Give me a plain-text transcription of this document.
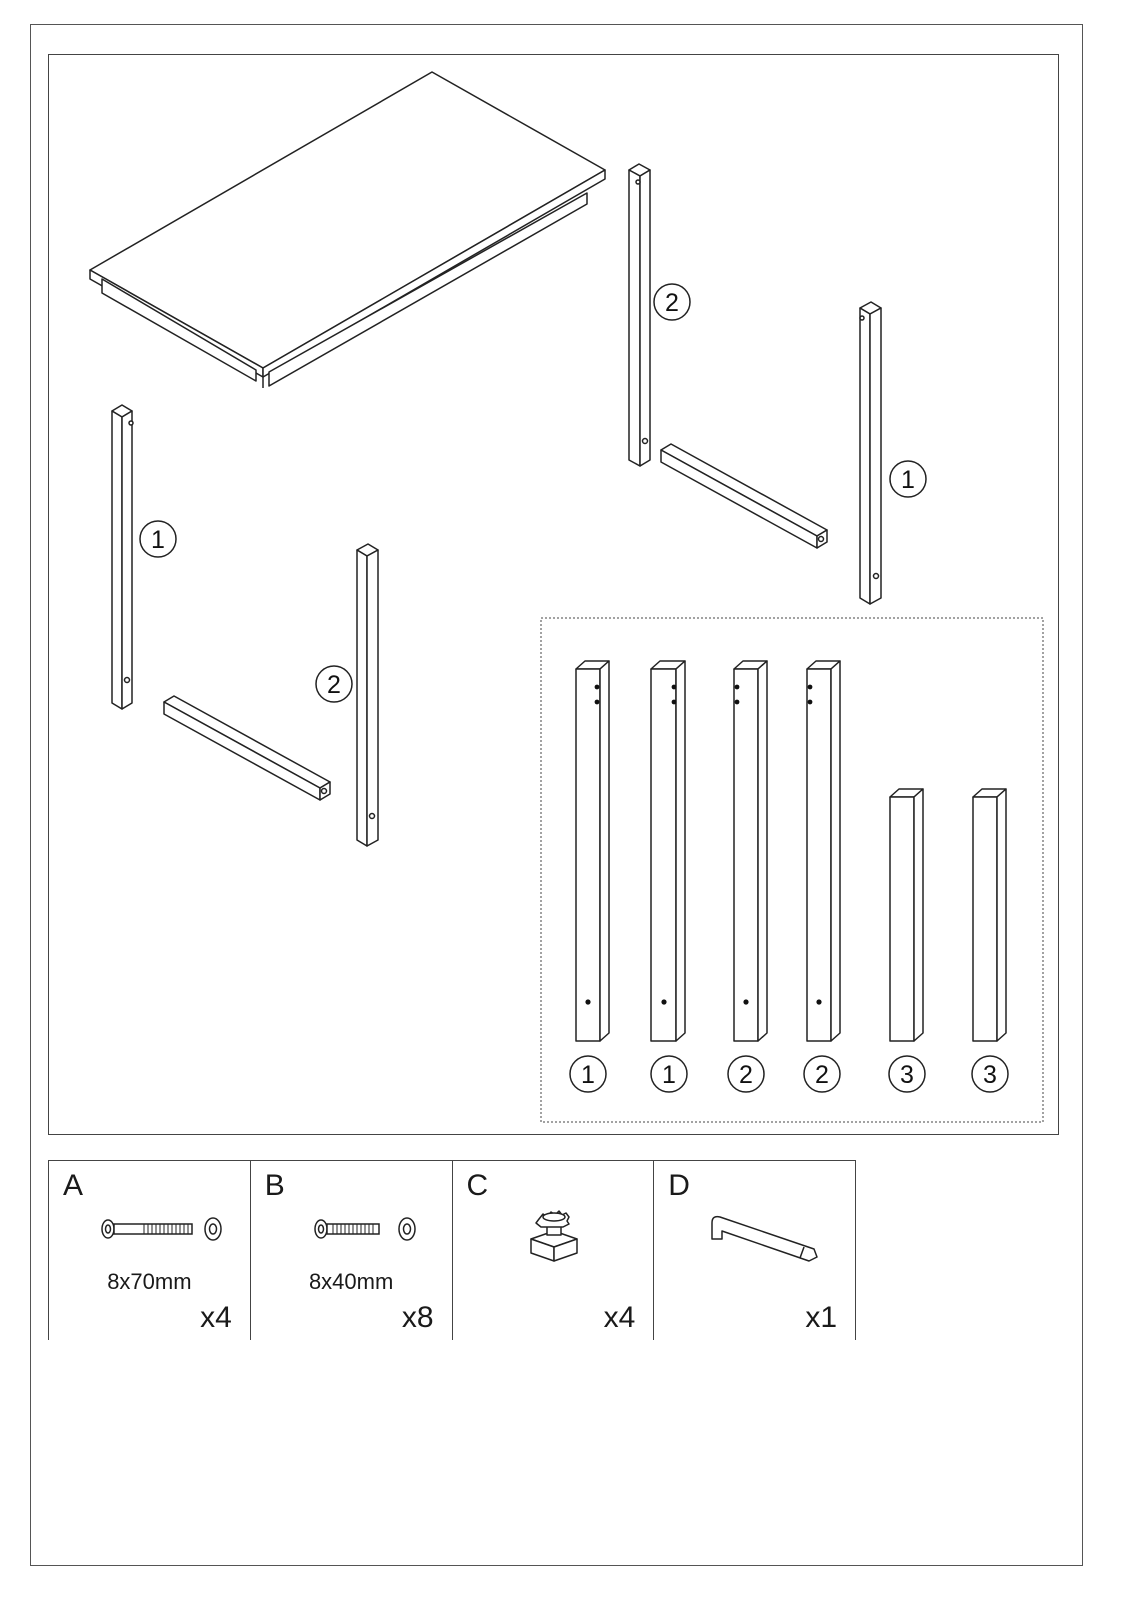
1
2
2
1
1	1	2 2	3	3
A
8x70mm
x4
B
8x40mm
x8
C
x4
D
x1
